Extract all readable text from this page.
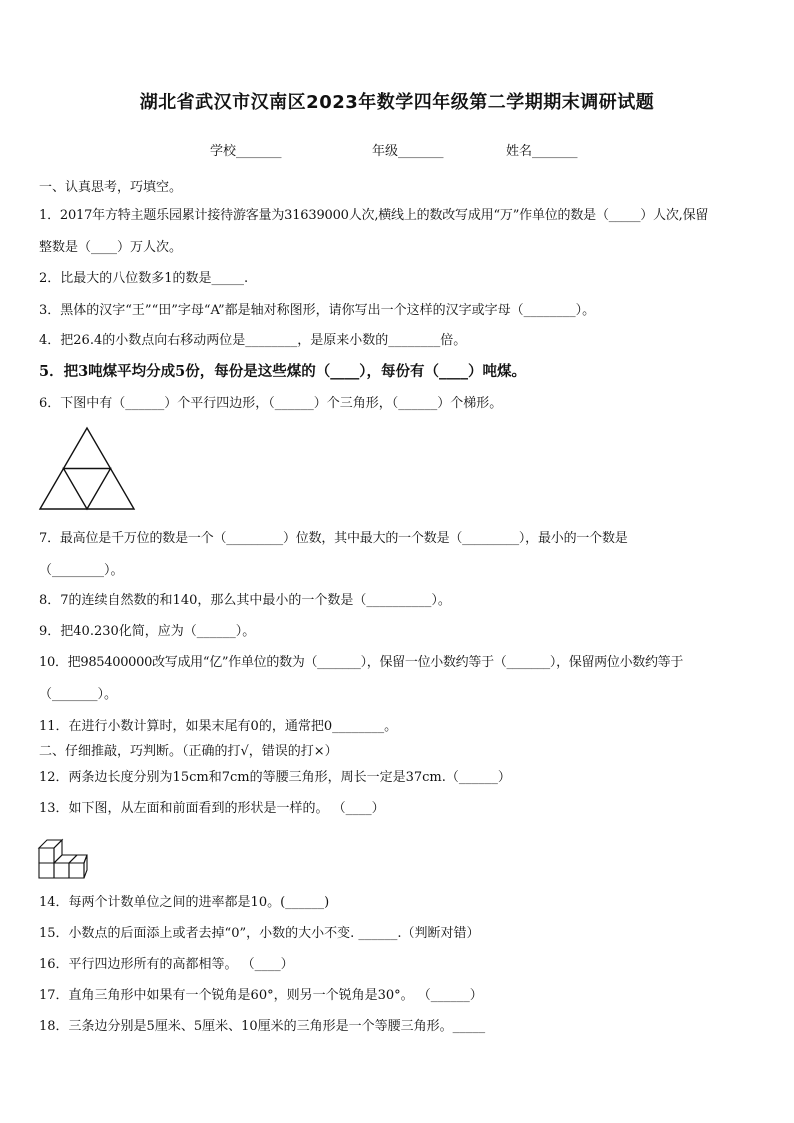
湖北省武汉市汉南区2023年数学四年级第二学期期末调研试题
学校_______	年级_______	姓名_______
一、认真思考，巧填空。
1．2017年方特主题乐园累计接待游客量为31639000人次,横线上的数改写成用“万”作单位的数是（_____）人次,保留
整数是（____）万人次。
2．比最大的八位数多1的数是_____.
3．黑体的汉字“王”“田”字母“A”都是轴对称图形，请你写出一个这样的汉字或字母（________）。
4．把26.4的小数点向右移动两位是________，是原来小数的________倍。
5．把3吨煤平均分成5份，每份是这些煤的（____），每份有（____）吨煤。
6．下图中有（______）个平行四边形，（______）个三角形，（______）个梯形。
7．最高位是千万位的数是一个（_________）位数，其中最大的一个数是（_________），最小的一个数是
（________）。
8．7的连续自然数的和140，那么其中最小的一个数是（__________）。
9．把40.230化简，应为（______）。
10．把985400000改写成用“亿”作单位的数为（_______），保留一位小数约等于（_______），保留两位小数约等于
（_______）。
11．在进行小数计算时，如果末尾有0的，通常把0________。
二、仔细推敲，巧判断。（正确的打√，错误的打×）
12．两条边长度分别为15cm和7cm的等腰三角形，周长一定是37cm.（______）
13．如下图，从左面和前面看到的形状是一样的。 （____）
14．每两个计数单位之间的进率都是10。(______)
15．小数点的后面添上或者去掉“0”，小数的大小不变. ______.（判断对错）
16．平行四边形所有的高都相等。 （____）
17．直角三角形中如果有一个锐角是60°，则另一个锐角是30°。 （______）
18．三条边分别是5厘米、5厘米、10厘米的三角形是一个等腰三角形。_____
